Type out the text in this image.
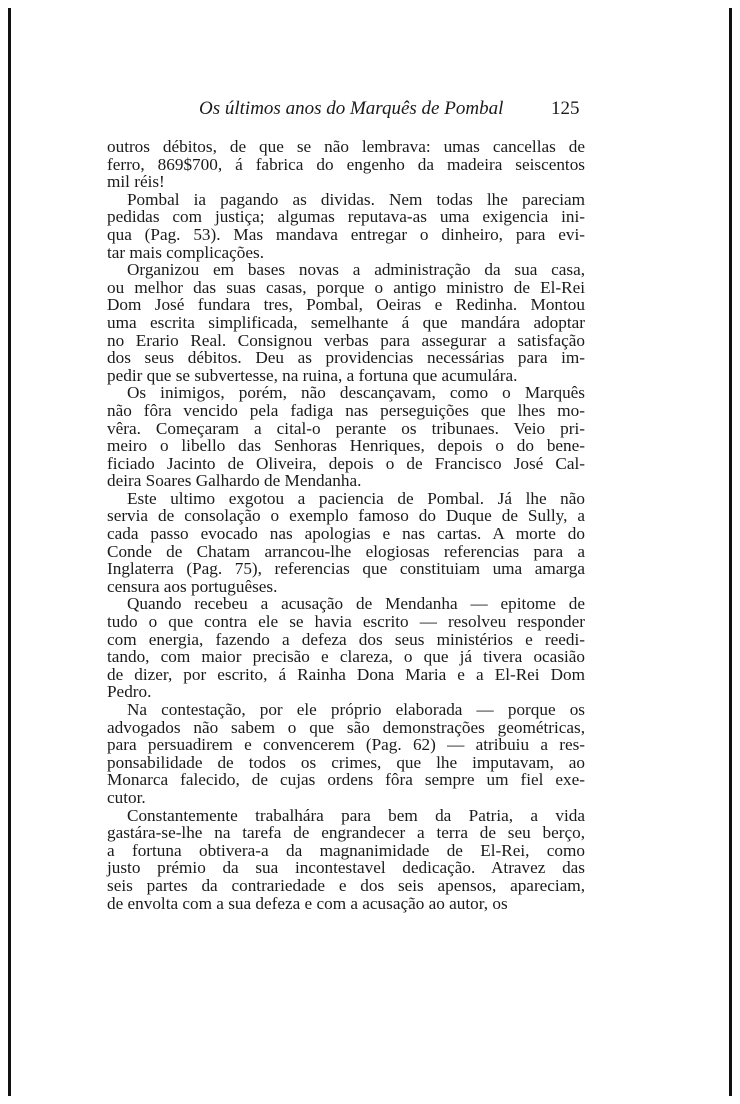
Os últimos anos do Marquês de Pombal	125
outros débitos, de que se não lembrava: umas cancellas de
ferro, 869$700, á fabrica do engenho da madeira seiscentos
mil réis!
Pombal ia pagando as dividas. Nem todas lhe pareciam
pedidas com justiça; algumas reputava-as uma exigencia ini-
qua (Pag. 53). Mas mandava entregar o dinheiro, para evi-
tar mais complicações.
Organizou em bases novas a administração da sua casa,
ou melhor das suas casas, porque o antigo ministro de El-Rei
Dom José fundara tres, Pombal, Oeiras e Redinha. Montou
uma escrita simplificada, semelhante á que mandára adoptar
no Erario Real. Consignou verbas para assegurar a satisfação
dos seus débitos. Deu as providencias necessárias para im-
pedir que se subvertesse, na ruina, a fortuna que acumulára.
Os inimigos, porém, não descançavam, como o Marquês
não fôra vencido pela fadiga nas perseguições que lhes mo-
vêra. Começaram a cital-o perante os tribunaes. Veio pri-
meiro o libello das Senhoras Henriques, depois o do bene-
ficiado Jacinto de Oliveira, depois o de Francisco José Cal-
deira Soares Galhardo de Mendanha.
Este ultimo exgotou a paciencia de Pombal. Já lhe não
servia de consolação o exemplo famoso do Duque de Sully, a
cada passo evocado nas apologias e nas cartas. A morte do
Conde de Chatam arrancou-lhe elogiosas referencias para a
Inglaterra (Pag. 75), referencias que constituiam uma amarga
censura aos portuguêses.
Quando recebeu a acusação de Mendanha — epitome de
tudo o que contra ele se havia escrito — resolveu responder
com energia, fazendo a defeza dos seus ministérios e reedi-
tando, com maior precisão e clareza, o que já tivera ocasião
de dizer, por escrito, á Rainha Dona Maria e a El-Rei Dom
Pedro.
Na contestação, por ele próprio elaborada — porque os
advogados não sabem o que são demonstrações geométricas,
para persuadirem e convencerem (Pag. 62) — atribuiu a res-
ponsabilidade de todos os crimes, que lhe imputavam, ao
Monarca falecido, de cujas ordens fôra sempre um fiel exe-
cutor.
Constantemente trabalhára para bem da Patria, a vida
gastára-se-lhe na tarefa de engrandecer a terra de seu berço,
a fortuna obtivera-a da magnanimidade de El-Rei, como
justo prémio da sua incontestavel dedicação. Atravez das
seis partes da contrariedade e dos seis apensos, apareciam,
de envolta com a sua defeza e com a acusação ao autor, os
